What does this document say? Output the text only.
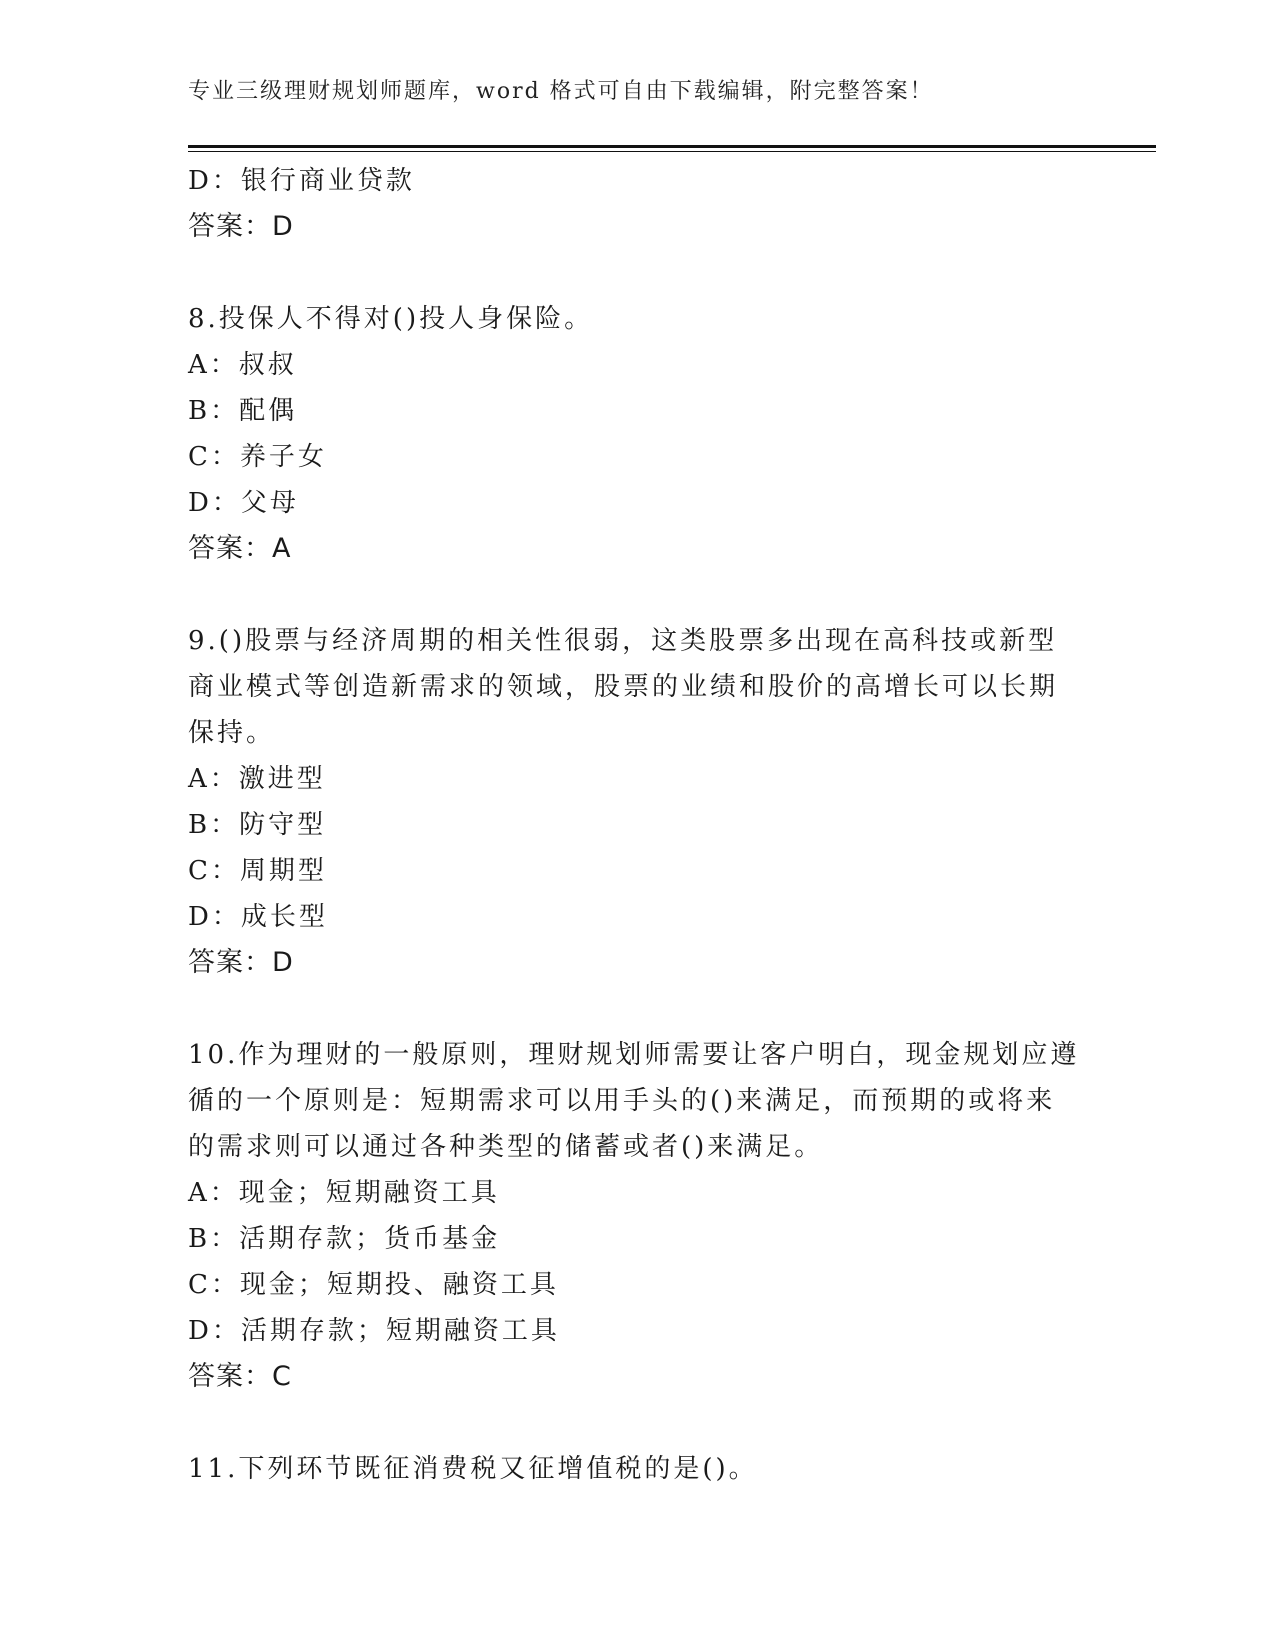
专业三级理财规划师题库，word 格式可自由下载编辑，附完整答案！
D：银行商业贷款
答案：D
8.投保人不得对()投人身保险。
A：叔叔
B：配偶
C：养子女
D：父母
答案：A
9.()股票与经济周期的相关性很弱，这类股票多出现在高科技或新型
商业模式等创造新需求的领域，股票的业绩和股价的高增长可以长期
保持。
A：激进型
B：防守型
C：周期型
D：成长型
答案：D
10.作为理财的一般原则，理财规划师需要让客户明白，现金规划应遵
循的一个原则是：短期需求可以用手头的()来满足，而预期的或将来
的需求则可以通过各种类型的储蓄或者()来满足。
A：现金；短期融资工具
B：活期存款；货币基金
C：现金；短期投、融资工具
D：活期存款；短期融资工具
答案：C
11.下列环节既征消费税又征增值税的是()。
